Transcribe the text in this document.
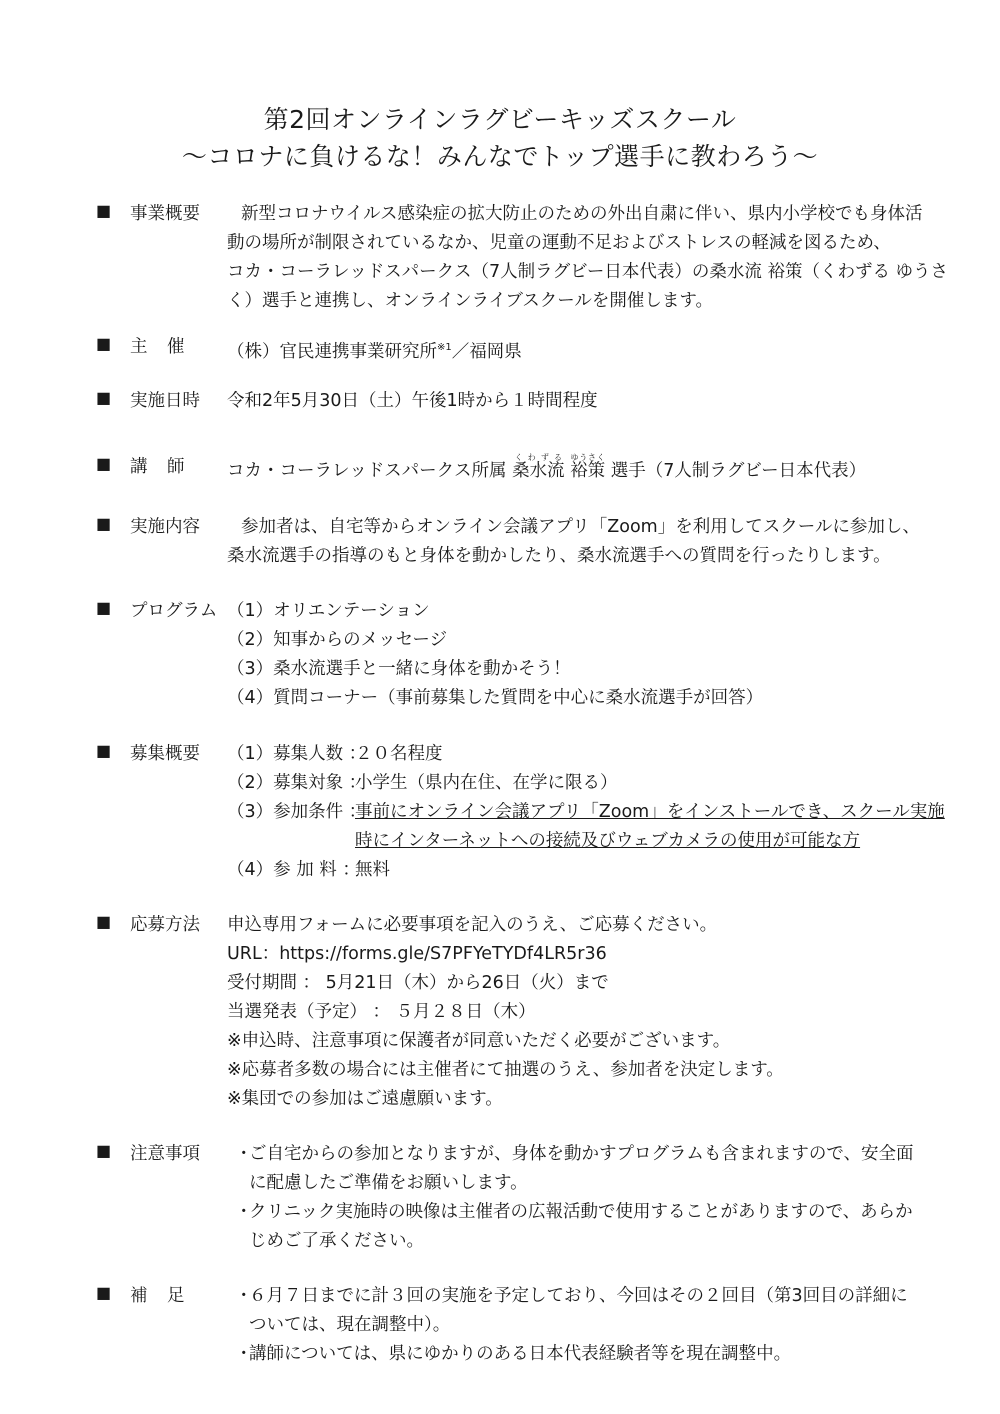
第2回オンラインラグビーキッズスクール
～コロナに負けるな！みんなでトップ選手に教わろう～
■ 事業概要	新型コロナウイルス感染症の拡大防止のための外出自粛に伴い、県内小学校でも身体活
動の場所が制限されているなか、児童の運動不足およびストレスの軽減を図るため、
コカ・コーラレッドスパークス（7人制ラグビー日本代表）の桑水流 裕策（くわずる ゆうさ
く）選手と連携し、オンラインライブスクールを開催します。
■ 主　催	（株）官民連携事業研究所$^{※1}$／福岡県
■ 実施日時	令和2年5月30日（土）午後1時から１時間程度
■ 講　師	コカ・コーラレッドスパークス所属 桑水流くわずる 裕策ゆうさく 選手（7人制ラグビー日本代表）
■ 実施内容	参加者は、自宅等からオンライン会議アプリ「Zoom」を利用してスクールに参加し、
桑水流選手の指導のもと身体を動かしたり、桑水流選手への質問を行ったりします。
■ プログラム （1）オリエンテーション
（2）知事からのメッセージ
（3）桑水流選手と一緒に身体を動かそう！
（4）質問コーナー（事前募集した質問を中心に桑水流選手が回答）
■ 募集概要	（1）募集人数 ：
２０名程度
（2）募集対象 ：
小学生（県内在住、在学に限る）
（3）参加条件 ：
事前にオンライン会議アプリ「Zoom」をインストールでき、スクール実施
時にインターネットへの接続及びウェブカメラの使用が可能な方
（4）参 加 料 ：
無料
■ 応募方法	申込専用フォームに必要事項を記入のうえ、ご応募ください。
URL：https://forms.gle/S7PFYeTYDf4LR5r36
受付期間 ： 5月21日（木）から26日（火）まで
当選発表（予定） ： ５月２８日（木）
※申込時、注意事項に保護者が同意いただく必要がございます。
※応募者多数の場合には主催者にて抽選のうえ、参加者を決定します。
※集団での参加はご遠慮願います。
■ 注意事項	・
ご自宅からの参加となりますが、身体を動かすプログラムも含まれますので、安全面
に配慮したご準備をお願いします。
・
クリニック実施時の映像は主催者の広報活動で使用することがありますので、あらか
じめご了承ください。
■ 補　足	・
６月７日までに計３回の実施を予定しており、今回はその２回目（第3回目の詳細に
ついては、現在調整中）。
・
講師については、県にゆかりのある日本代表経験者等を現在調整中。
